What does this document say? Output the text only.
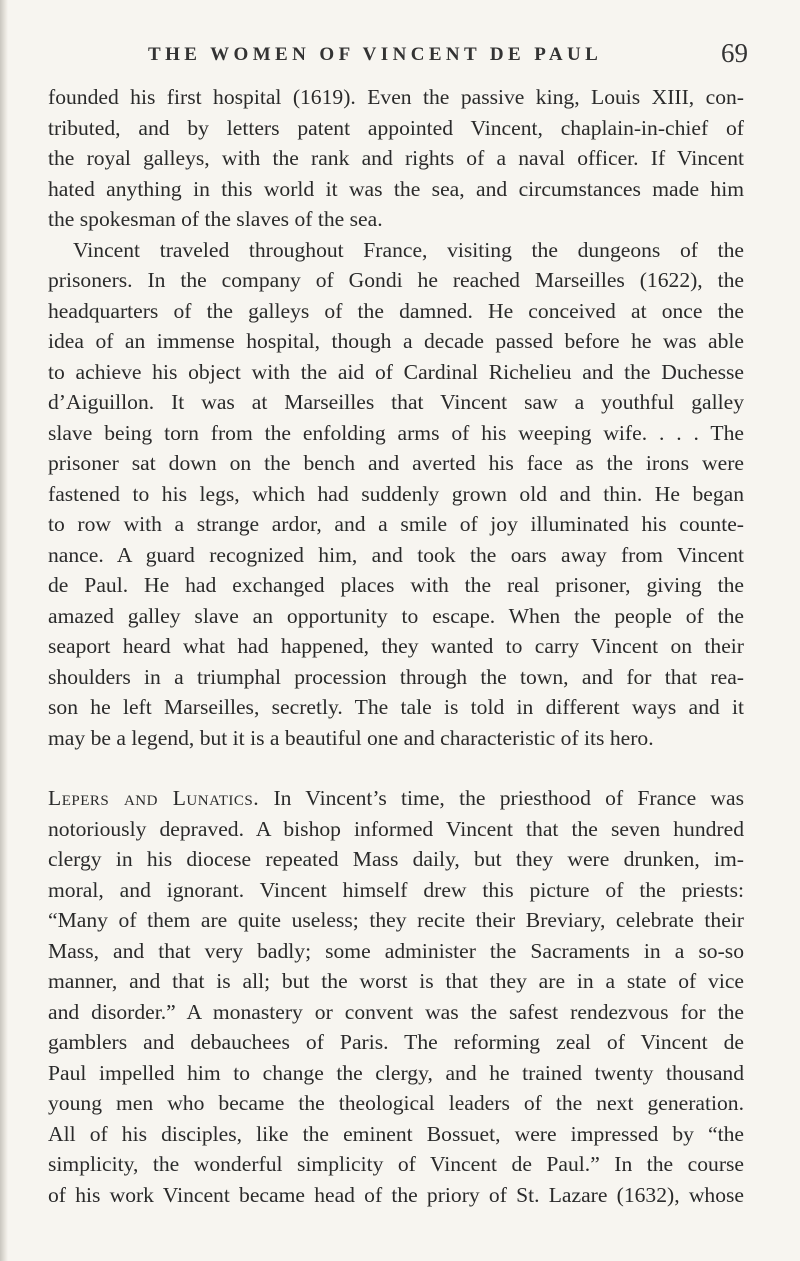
THE WOMEN OF VINCENT DE PAUL	69
founded his first hospital (1619). Even the passive king, Louis XIII, con-
tributed, and by letters patent appointed Vincent, chaplain-in-chief of
the royal galleys, with the rank and rights of a naval officer. If Vincent
hated anything in this world it was the sea, and circumstances made him
the spokesman of the slaves of the sea.
Vincent traveled throughout France, visiting the dungeons of the
prisoners. In the company of Gondi he reached Marseilles (1622), the
headquarters of the galleys of the damned. He conceived at once the
idea of an immense hospital, though a decade passed before he was able
to achieve his object with the aid of Cardinal Richelieu and the Duchesse
d’Aiguillon. It was at Marseilles that Vincent saw a youthful galley
slave being torn from the enfolding arms of his weeping wife. . . . The
prisoner sat down on the bench and averted his face as the irons were
fastened to his legs, which had suddenly grown old and thin. He began
to row with a strange ardor, and a smile of joy illuminated his counte-
nance. A guard recognized him, and took the oars away from Vincent
de Paul. He had exchanged places with the real prisoner, giving the
amazed galley slave an opportunity to escape. When the people of the
seaport heard what had happened, they wanted to carry Vincent on their
shoulders in a triumphal procession through the town, and for that rea-
son he left Marseilles, secretly. The tale is told in different ways and it
may be a legend, but it is a beautiful one and characteristic of its hero.
Lepers and Lunatics. In Vincent’s time, the priesthood of France was
notoriously depraved. A bishop informed Vincent that the seven hundred
clergy in his diocese repeated Mass daily, but they were drunken, im-
moral, and ignorant. Vincent himself drew this picture of the priests:
“Many of them are quite useless; they recite their Breviary, celebrate their
Mass, and that very badly; some administer the Sacraments in a so-so
manner, and that is all; but the worst is that they are in a state of vice
and disorder.” A monastery or convent was the safest rendezvous for the
gamblers and debauchees of Paris. The reforming zeal of Vincent de
Paul impelled him to change the clergy, and he trained twenty thousand
young men who became the theological leaders of the next generation.
All of his disciples, like the eminent Bossuet, were impressed by “the
simplicity, the wonderful simplicity of Vincent de Paul.” In the course
of his work Vincent became head of the priory of St. Lazare (1632), whose
